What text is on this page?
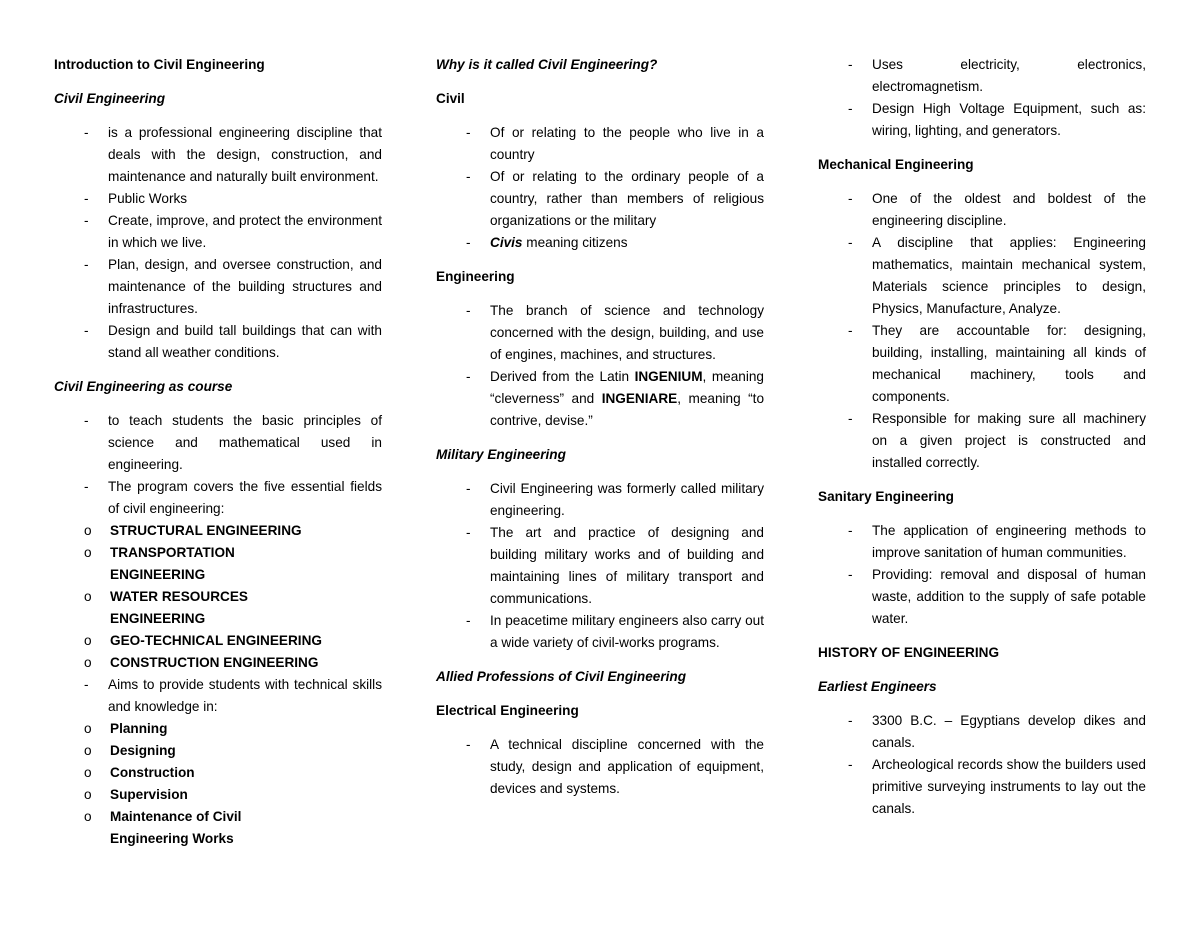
Introduction to Civil Engineering
Civil Engineering
- is a professional engineering discipline that deals with the design, construction, and maintenance and naturally built environment.
- Public Works
- Create, improve, and protect the environment in which we live.
- Plan, design, and oversee construction, and maintenance of the building structures and infrastructures.
- Design and build tall buildings that can with stand all weather conditions.
Civil Engineering as course
- to teach students the basic principles of science and mathematical used in engineering.
- The program covers the five essential fields of civil engineering:
o STRUCTURAL ENGINEERING
o TRANSPORTATION ENGINEERING
o WATER RESOURCES ENGINEERING
o GEO-TECHNICAL ENGINEERING
o CONSTRUCTION ENGINEERING
- Aims to provide students with technical skills and knowledge in:
o Planning
o Designing
o Construction
o Supervision
o Maintenance of Civil Engineering Works
Why is it called Civil Engineering?
Civil
- Of or relating to the people who live in a country
- Of or relating to the ordinary people of a country, rather than members of religious organizations or the military
- Civis meaning citizens
Engineering
- The branch of science and technology concerned with the design, building, and use of engines, machines, and structures.
- Derived from the Latin INGENIUM, meaning “cleverness” and INGENIARE, meaning “to contrive, devise.”
Military Engineering
- Civil Engineering was formerly called military engineering.
- The art and practice of designing and building military works and of building and maintaining lines of military transport and communications.
- In peacetime military engineers also carry out a wide variety of civil-works programs.
Allied Professions of Civil Engineering
Electrical Engineering
- A technical discipline concerned with the study, design and application of equipment, devices and systems.
- Uses electricity, electronics, electromagnetism.
- Design High Voltage Equipment, such as: wiring, lighting, and generators.
Mechanical Engineering
- One of the oldest and boldest of the engineering discipline.
- A discipline that applies: Engineering mathematics, maintain mechanical system, Materials science principles to design, Physics, Manufacture, Analyze.
- They are accountable for: designing, building, installing, maintaining all kinds of mechanical machinery, tools and components.
- Responsible for making sure all machinery on a given project is constructed and installed correctly.
Sanitary Engineering
- The application of engineering methods to improve sanitation of human communities.
- Providing: removal and disposal of human waste, addition to the supply of safe potable water.
HISTORY OF ENGINEERING
Earliest Engineers
- 3300 B.C. – Egyptians develop dikes and canals.
- Archeological records show the builders used primitive surveying instruments to lay out the canals.
